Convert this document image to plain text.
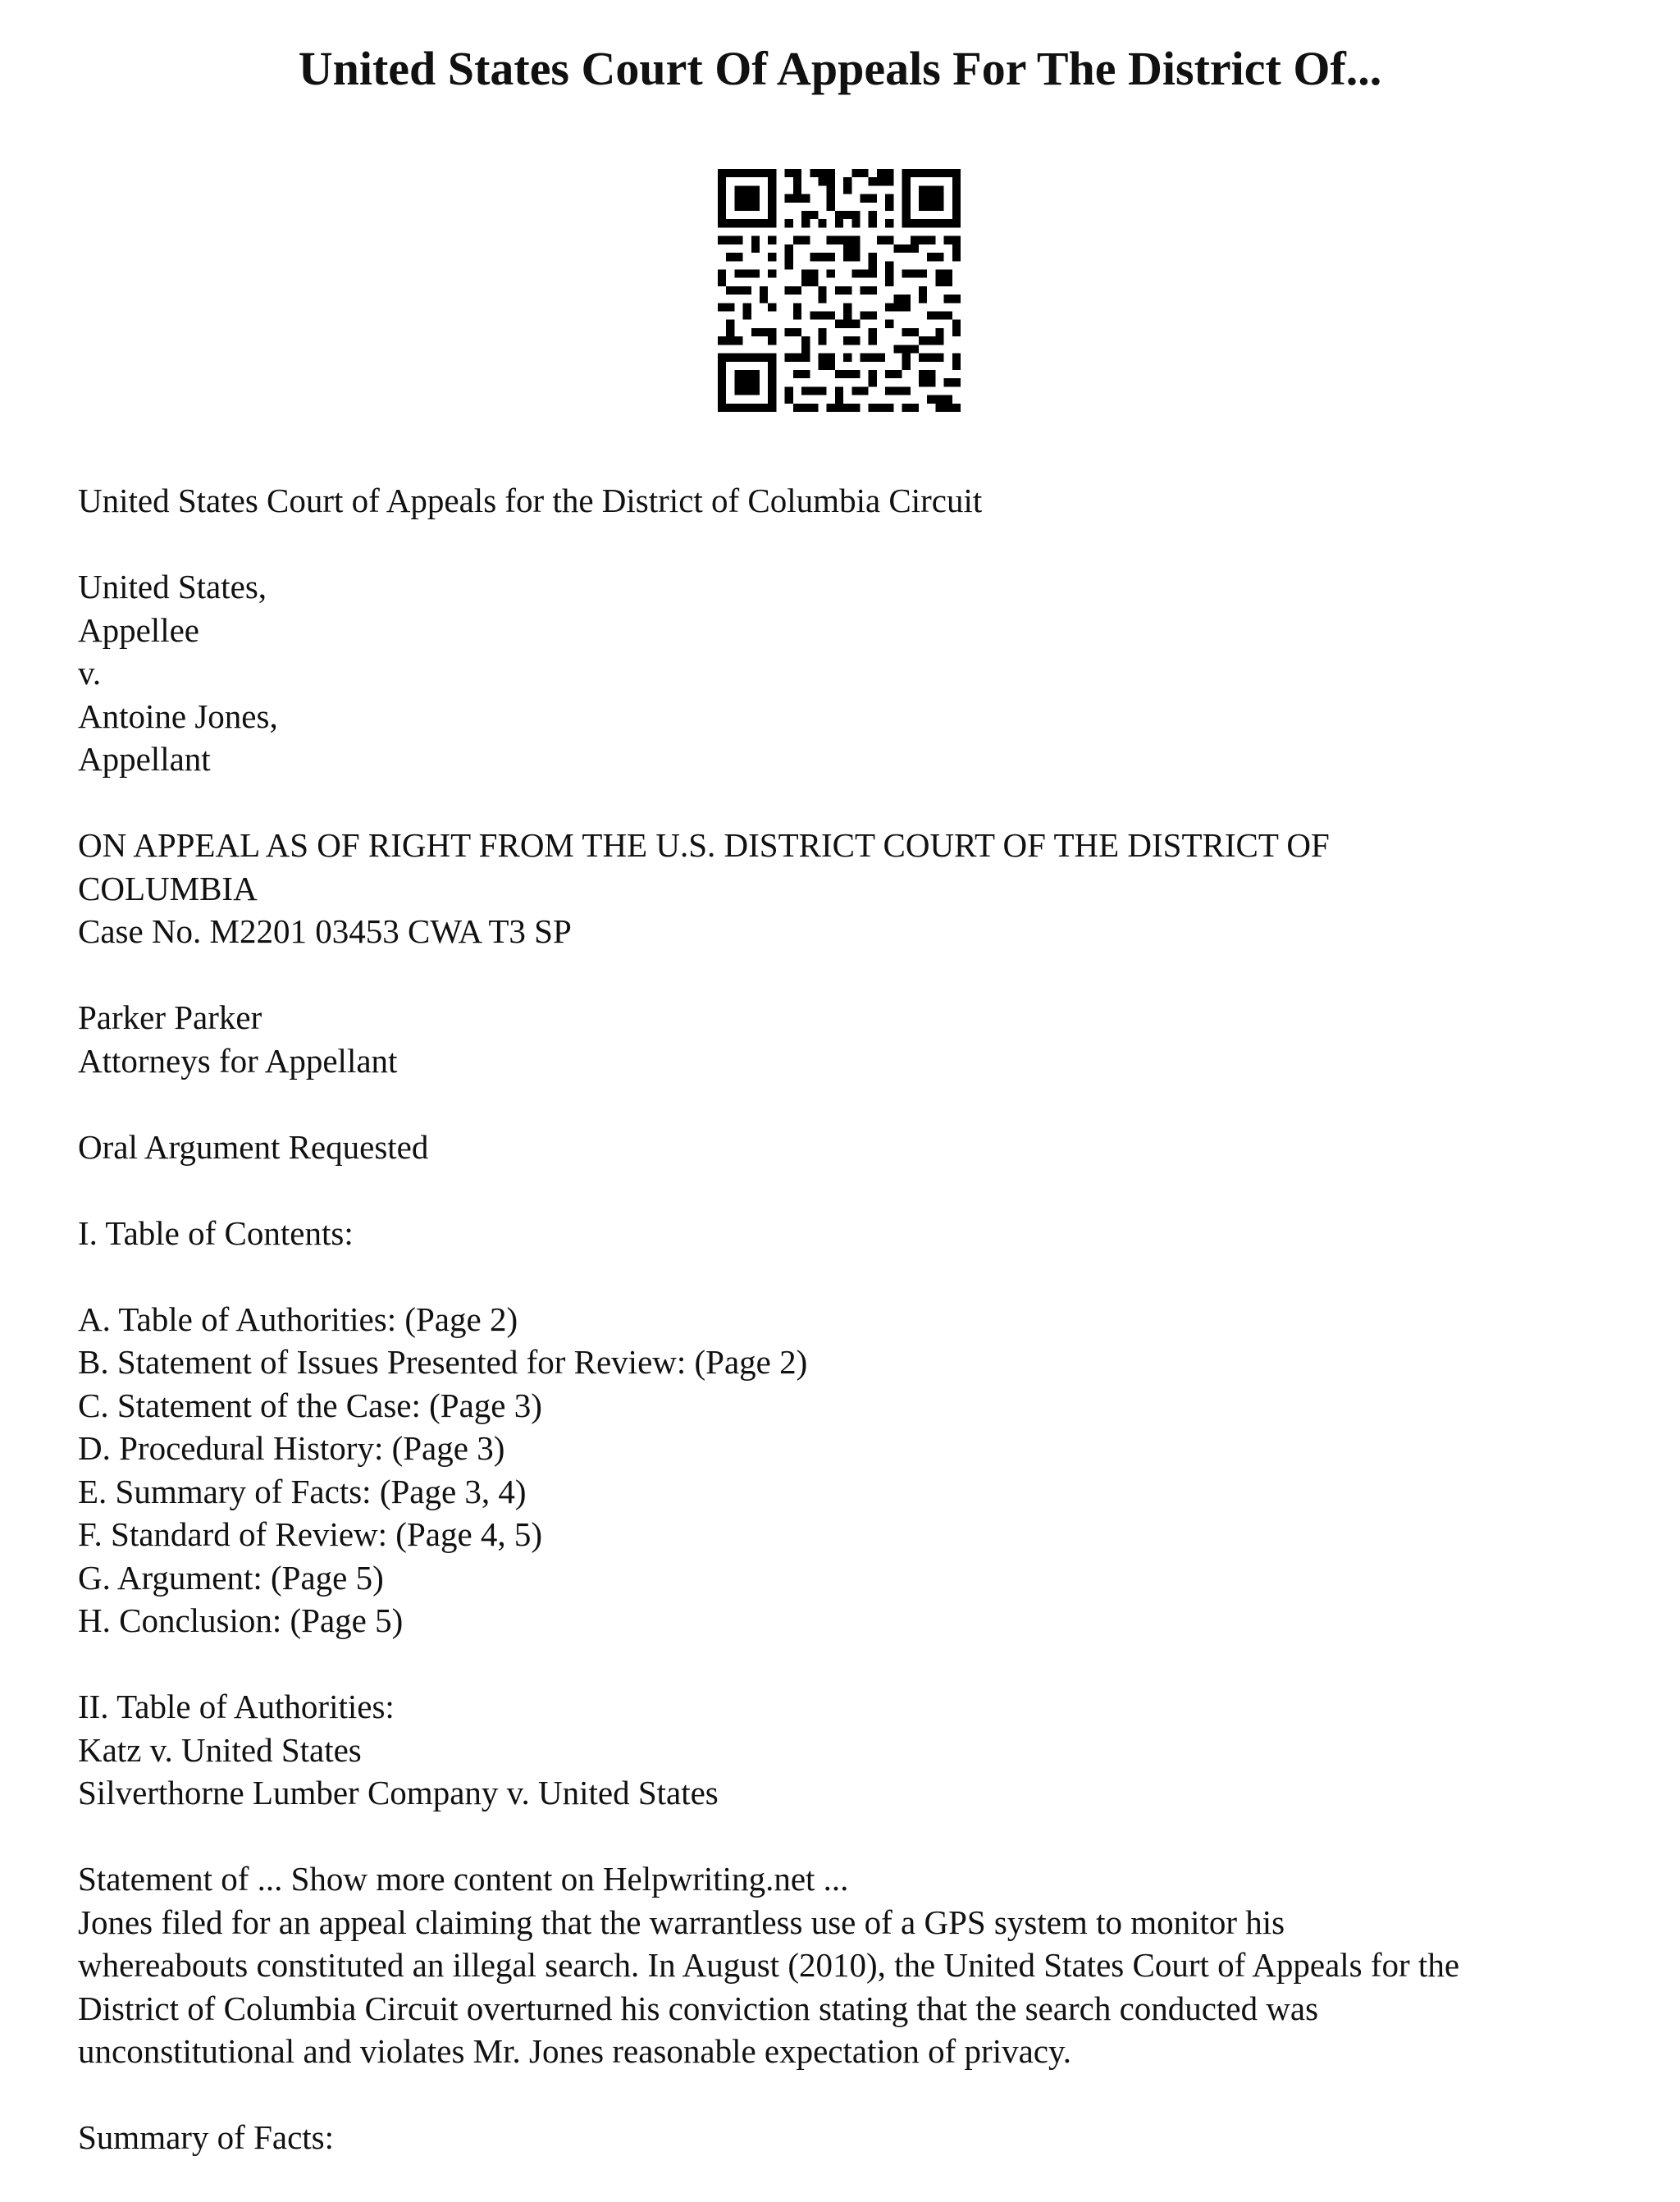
United States Court Of Appeals For The District Of...
United States Court of Appeals for the District of Columbia Circuit
United States,
Appellee
v.
Antoine Jones,
Appellant
ON APPEAL AS OF RIGHT FROM THE U.S. DISTRICT COURT OF THE DISTRICT OF
COLUMBIA
Case No. M2201 03453 CWA T3 SP
Parker Parker
Attorneys for Appellant
Oral Argument Requested
I. Table of Contents:
A. Table of Authorities: (Page 2)
B. Statement of Issues Presented for Review: (Page 2)
C. Statement of the Case: (Page 3)
D. Procedural History: (Page 3)
E. Summary of Facts: (Page 3, 4)
F. Standard of Review: (Page 4, 5)
G. Argument: (Page 5)
H. Conclusion: (Page 5)
II. Table of Authorities:
Katz v. United States
Silverthorne Lumber Company v. United States
Statement of ... Show more content on Helpwriting.net ...
Jones filed for an appeal claiming that the warrantless use of a GPS system to monitor his
whereabouts constituted an illegal search. In August (2010), the United States Court of Appeals for the
District of Columbia Circuit overturned his conviction stating that the search conducted was
unconstitutional and violates Mr. Jones reasonable expectation of privacy.
Summary of Facts:
